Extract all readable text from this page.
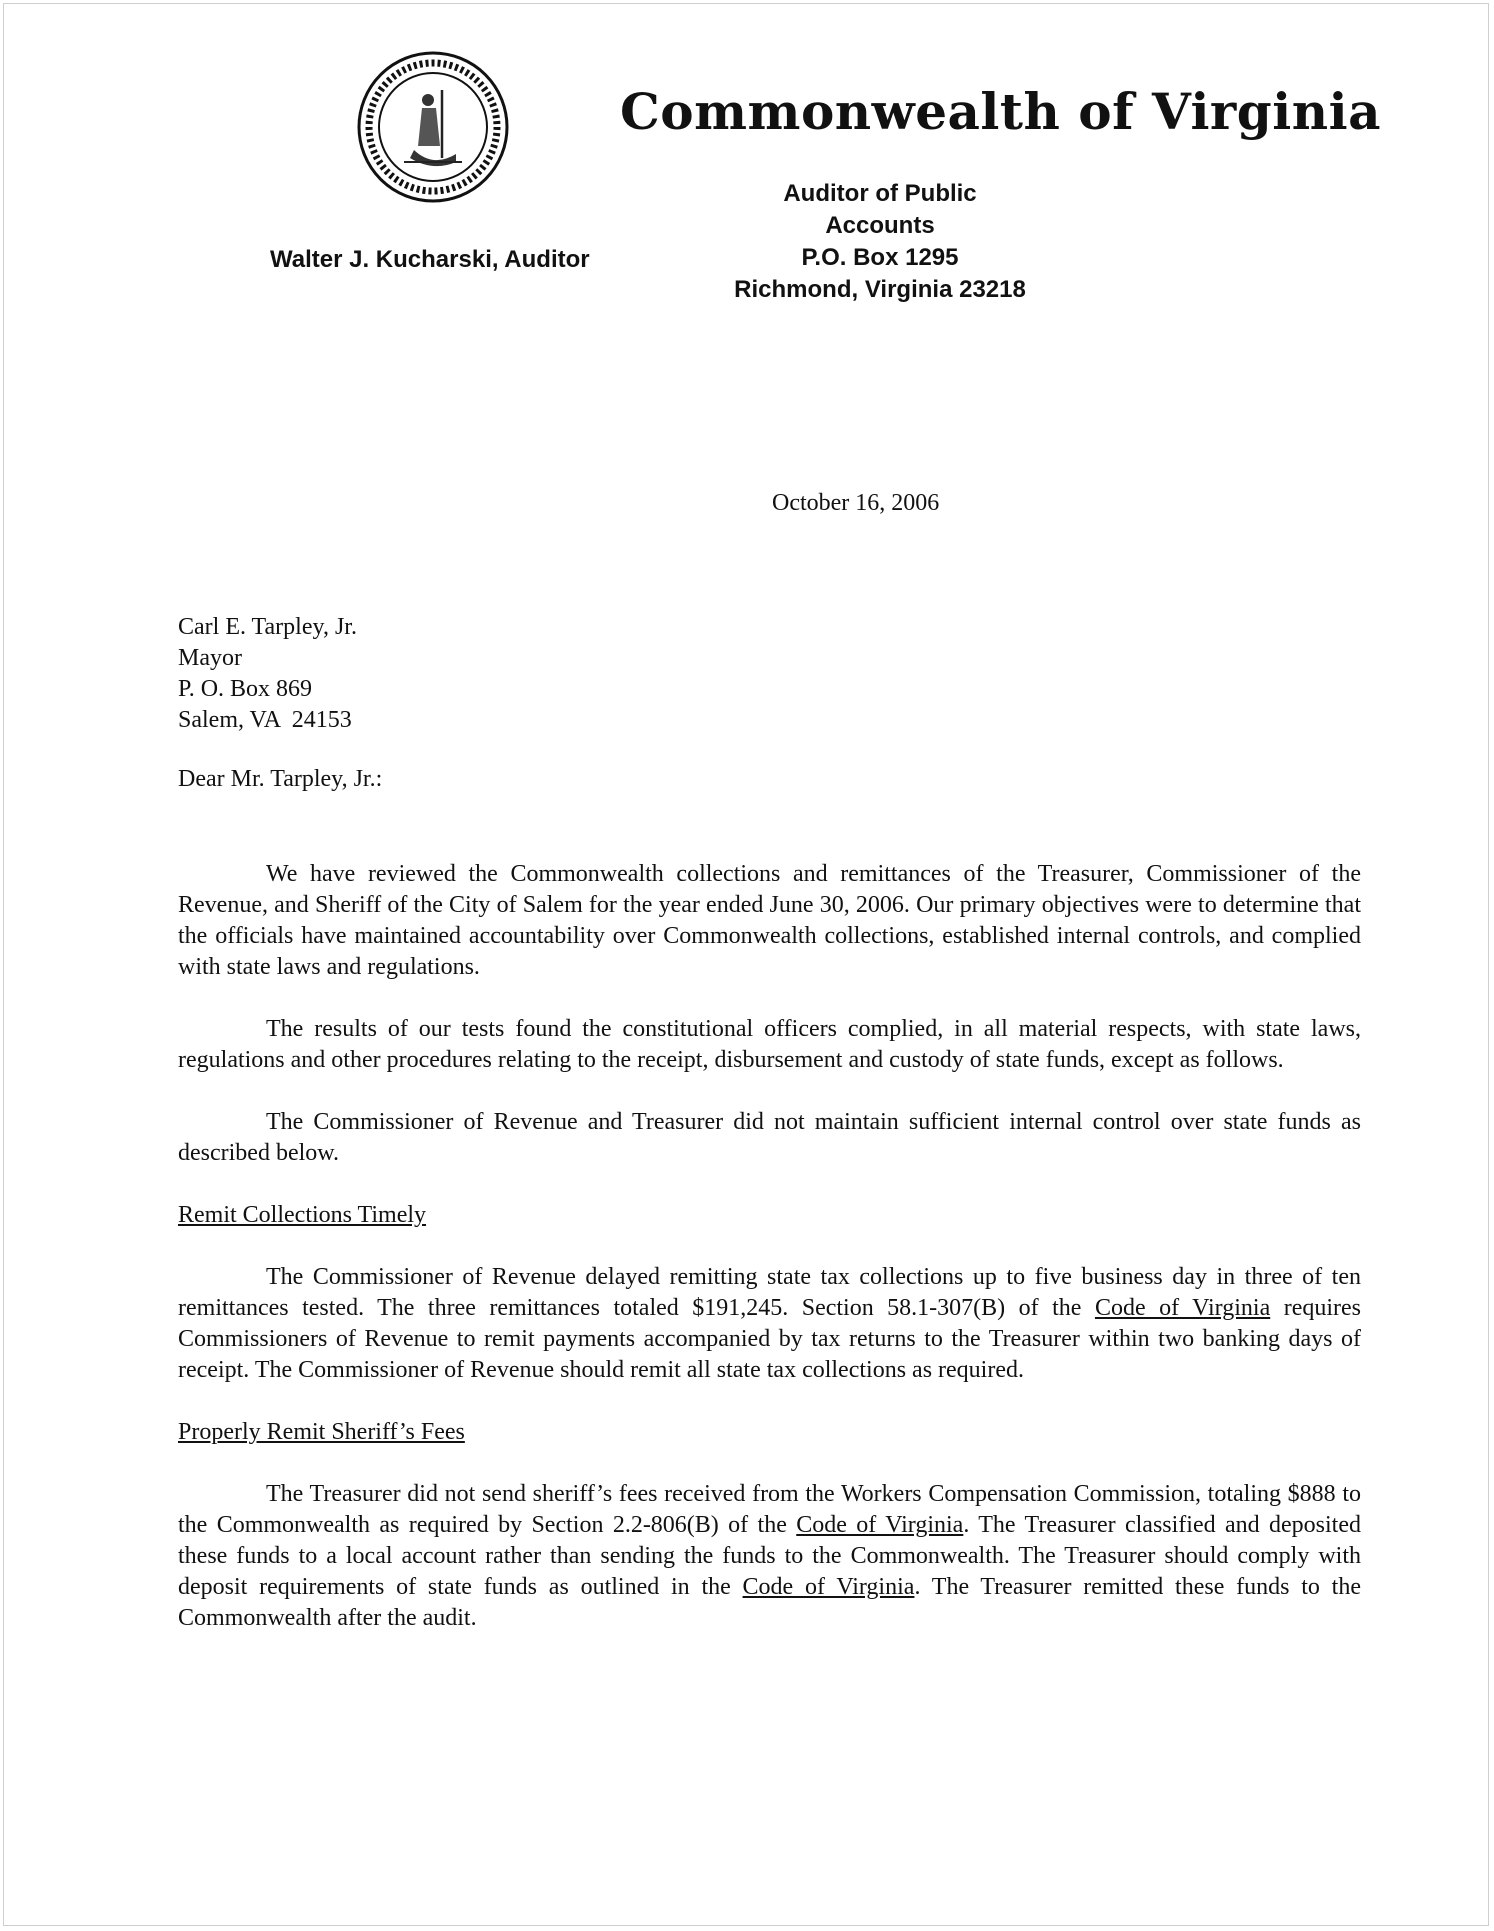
Commonwealth of Virginia
Auditor of Public Accounts
P.O. Box 1295
Richmond, Virginia 23218
Walter J. Kucharski, Auditor
October 16, 2006
Carl E. Tarpley, Jr.
Mayor
P. O. Box 869
Salem, VA  24153
Dear Mr. Tarpley, Jr.:

We have reviewed the Commonwealth collections and remittances of the Treasurer, Commissioner of the Revenue, and Sheriff of the City of Salem for the year ended June 30, 2006. Our primary objectives were to determine that the officials have maintained accountability over Commonwealth collections, established internal controls, and complied with state laws and regulations.

The results of our tests found the constitutional officers complied, in all material respects, with state laws, regulations and other procedures relating to the receipt, disbursement and custody of state funds, except as follows.

The Commissioner of Revenue and Treasurer did not maintain sufficient internal control over state funds as described below.

Remit Collections Timely

The Commissioner of Revenue delayed remitting state tax collections up to five business day in three of ten remittances tested. The three remittances totaled $191,245. Section 58.1-307(B) of the Code of Virginia requires Commissioners of Revenue to remit payments accompanied by tax returns to the Treasurer within two banking days of receipt. The Commissioner of Revenue should remit all state tax collections as required.

Properly Remit Sheriff’s Fees

The Treasurer did not send sheriff’s fees received from the Workers Compensation Commission, totaling $888 to the Commonwealth as required by Section 2.2-806(B) of the Code of Virginia. The Treasurer classified and deposited these funds to a local account rather than sending the funds to the Commonwealth. The Treasurer should comply with deposit requirements of state funds as outlined in the Code of Virginia. The Treasurer remitted these funds to the Commonwealth after the audit.
